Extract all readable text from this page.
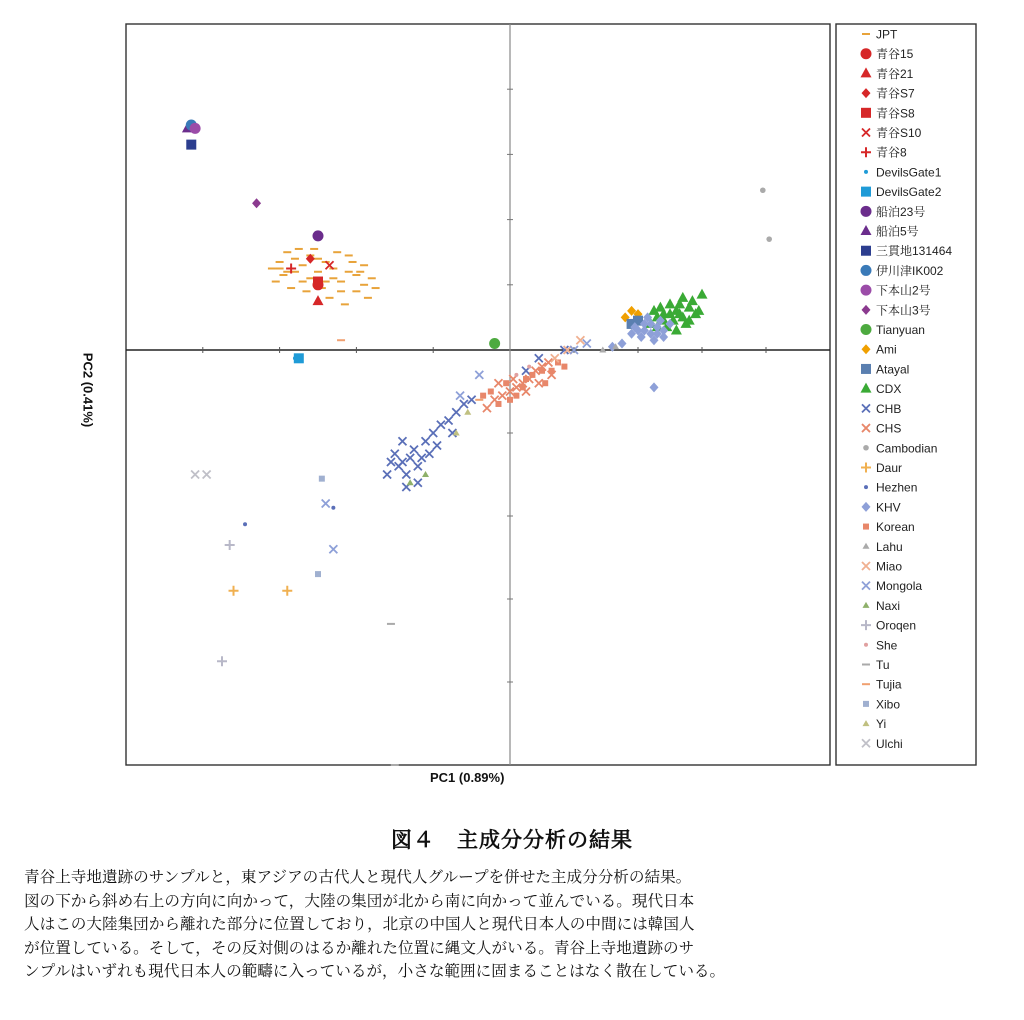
JPT
青谷15
青谷21
青谷S7
青谷S8
青谷S10
青谷8
DevilsGate1
DevilsGate2
船泊23号
船泊5号
三貫地131464
伊川津IK002
下本山2号
下本山3号
Tianyuan
Ami
Atayal
CDX
CHB
CHS
Cambodian
Daur
Hezhen
KHV
Korean
Lahu
Miao
Mongola
Naxi
Oroqen
She
Tu
Tujia
Xibo
Yi
Ulchi
PC2 (0.41%)
PC1 (0.89%)
図４　主成分分析の結果
青谷上寺地遺跡のサンプルと，東アジアの古代人と現代人グループを併せた主成分分析の結果。
図の下から斜め右上の方向に向かって，大陸の集団が北から南に向かって並んでいる。現代日本
人はこの大陸集団から離れた部分に位置しており，北京の中国人と現代日本人の中間には韓国人
が位置している。そして，その反対側のはるか離れた位置に縄文人がいる。青谷上寺地遺跡のサ
ンプルはいずれも現代日本人の範疇に入っているが，小さな範囲に固まることはなく散在している。
